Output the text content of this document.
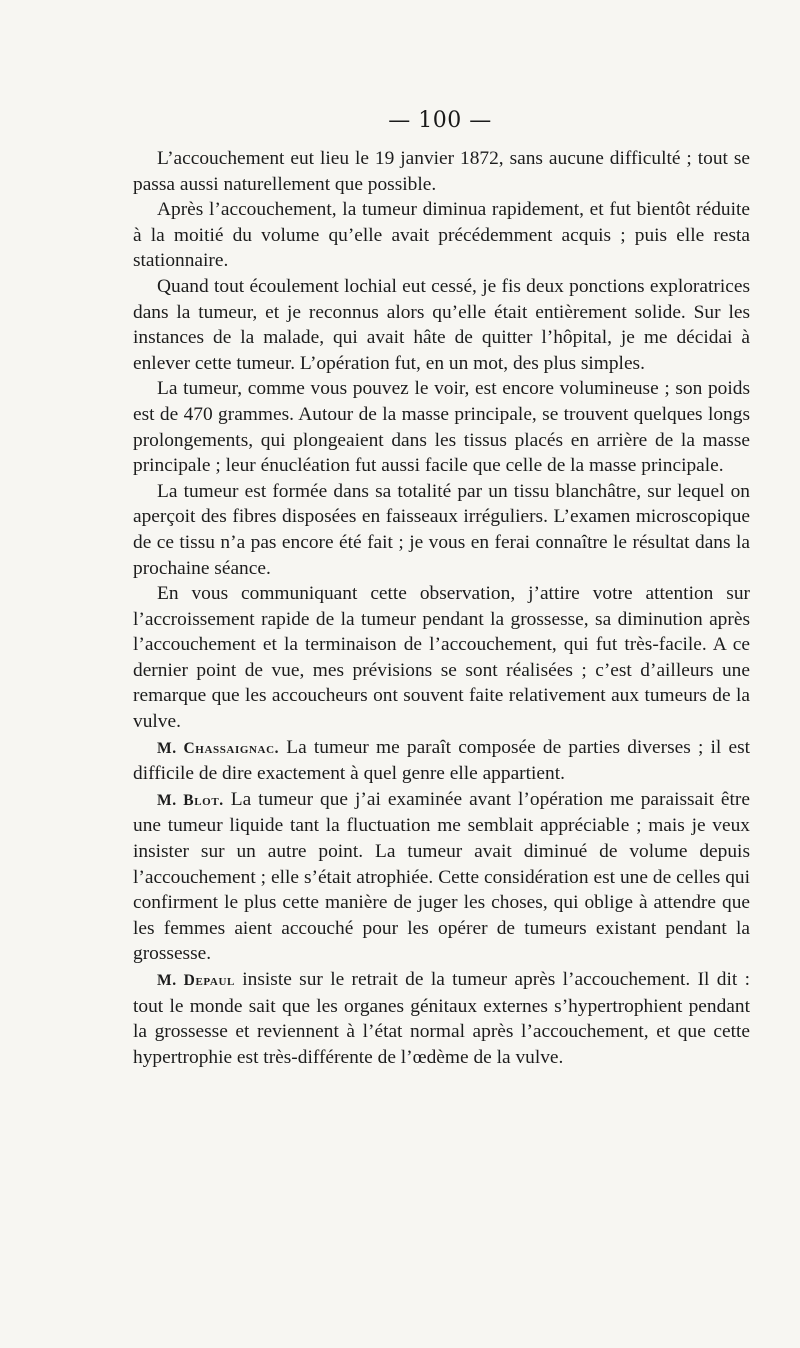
— 100 —

L’accouchement eut lieu le 19 janvier 1872, sans aucune difficulté ; tout se passa aussi naturellement que possible.

Après l’accouchement, la tumeur diminua rapidement, et fut bientôt réduite à la moitié du volume qu’elle avait précédemment acquis ; puis elle resta stationnaire.

Quand tout écoulement lochial eut cessé, je fis deux ponctions exploratrices dans la tumeur, et je reconnus alors qu’elle était entièrement solide. Sur les instances de la malade, qui avait hâte de quitter l’hôpital, je me décidai à enlever cette tumeur. L’opération fut, en un mot, des plus simples.

La tumeur, comme vous pouvez le voir, est encore volumineuse ; son poids est de 470 grammes. Autour de la masse principale, se trouvent quelques longs prolongements, qui plongeaient dans les tissus placés en arrière de la masse principale ; leur énucléation fut aussi facile que celle de la masse principale.

La tumeur est formée dans sa totalité par un tissu blanchâtre, sur lequel on aperçoit des fibres disposées en faisseaux irréguliers. L’examen microscopique de ce tissu n’a pas encore été fait ; je vous en ferai connaître le résultat dans la prochaine séance.

En vous communiquant cette observation, j’attire votre attention sur l’accroissement rapide de la tumeur pendant la grossesse, sa diminution après l’accouchement et la terminaison de l’accouchement, qui fut très-facile. A ce dernier point de vue, mes prévisions se sont réalisées ; c’est d’ailleurs une remarque que les accoucheurs ont souvent faite relativement aux tumeurs de la vulve.

M. Chassaignac. La tumeur me paraît composée de parties diverses ; il est difficile de dire exactement à quel genre elle appartient.

M. Blot. La tumeur que j’ai examinée avant l’opération me paraissait être une tumeur liquide tant la fluctuation me semblait appréciable ; mais je veux insister sur un autre point. La tumeur avait diminué de volume depuis l’accouchement ; elle s’était atrophiée. Cette considération est une de celles qui confirment le plus cette manière de juger les choses, qui oblige à attendre que les femmes aient accouché pour les opérer de tumeurs existant pendant la grossesse.

M. Depaul insiste sur le retrait de la tumeur après l’accouchement. Il dit : tout le monde sait que les organes génitaux externes s’hypertrophient pendant la grossesse et reviennent à l’état normal après l’accouchement, et que cette hypertrophie est très-différente de l’œdème de la vulve.
